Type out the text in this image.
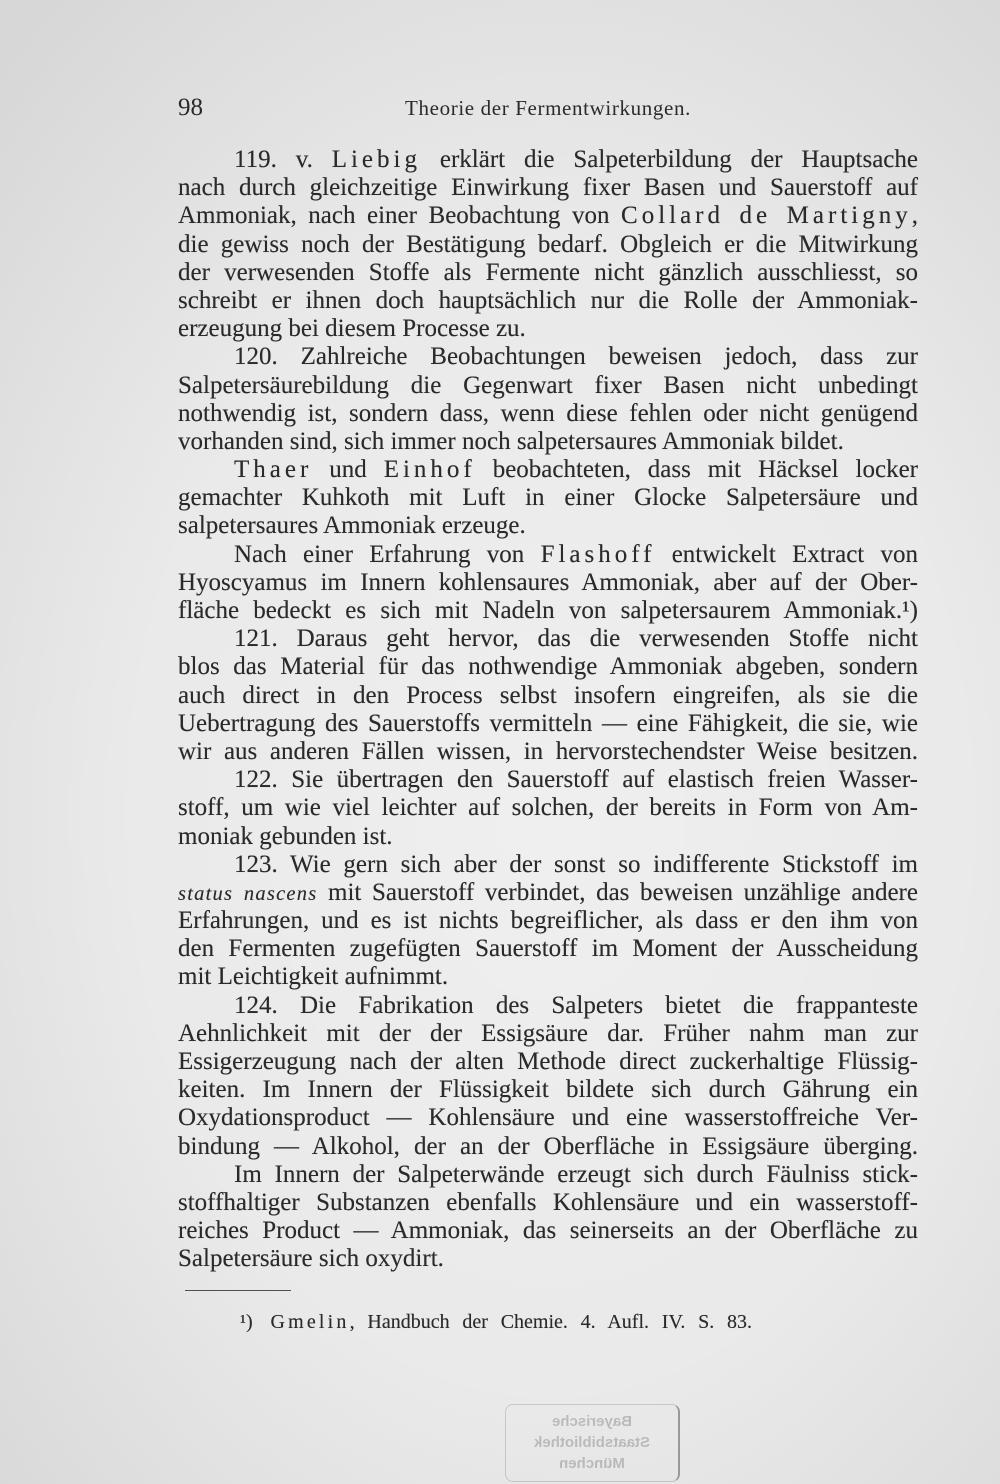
98	Theorie der Fermentwirkungen.
119. v. Liebig erklärt die Salpeterbildung der Hauptsache
nach durch gleichzeitige Einwirkung fixer Basen und Sauerstoff auf
Ammoniak, nach einer Beobachtung von Collard de Martigny,
die gewiss noch der Bestätigung bedarf. Obgleich er die Mitwirkung
der verwesenden Stoffe als Fermente nicht gänzlich ausschliesst, so
schreibt er ihnen doch hauptsächlich nur die Rolle der Ammoniak-
erzeugung bei diesem Processe zu.
120. Zahlreiche Beobachtungen beweisen jedoch, dass zur
Salpetersäurebildung die Gegenwart fixer Basen nicht unbedingt
nothwendig ist, sondern dass, wenn diese fehlen oder nicht genügend
vorhanden sind, sich immer noch salpetersaures Ammoniak bildet.
Thaer und Einhof beobachteten, dass mit Häcksel locker
gemachter Kuhkoth mit Luft in einer Glocke Salpetersäure und
salpetersaures Ammoniak erzeuge.
Nach einer Erfahrung von Flashoff entwickelt Extract von
Hyoscyamus im Innern kohlensaures Ammoniak, aber auf der Ober-
fläche bedeckt es sich mit Nadeln von salpetersaurem Ammoniak.¹)
121. Daraus geht hervor, das die verwesenden Stoffe nicht
blos das Material für das nothwendige Ammoniak abgeben, sondern
auch direct in den Process selbst insofern eingreifen, als sie die
Uebertragung des Sauerstoffs vermitteln — eine Fähigkeit, die sie, wie
wir aus anderen Fällen wissen, in hervorstechendster Weise besitzen.
122. Sie übertragen den Sauerstoff auf elastisch freien Wasser-
stoff, um wie viel leichter auf solchen, der bereits in Form von Am-
moniak gebunden ist.
123. Wie gern sich aber der sonst so indifferente Stickstoff im
status nascens mit Sauerstoff verbindet, das beweisen unzählige andere
Erfahrungen, und es ist nichts begreiflicher, als dass er den ihm von
den Fermenten zugefügten Sauerstoff im Moment der Ausscheidung
mit Leichtigkeit aufnimmt.
124. Die Fabrikation des Salpeters bietet die frappanteste
Aehnlichkeit mit der der Essigsäure dar. Früher nahm man zur
Essigerzeugung nach der alten Methode direct zuckerhaltige Flüssig-
keiten. Im Innern der Flüssigkeit bildete sich durch Gährung ein
Oxydationsproduct — Kohlensäure und eine wasserstoffreiche Ver-
bindung — Alkohol, der an der Oberfläche in Essigsäure überging.
Im Innern der Salpeterwände erzeugt sich durch Fäulniss stick-
stoffhaltiger Substanzen ebenfalls Kohlensäure und ein wasserstoff-
reiches Product — Ammoniak, das seinerseits an der Oberfläche zu
Salpetersäure sich oxydirt.
¹) Gmelin, Handbuch der Chemie. 4. Aufl. IV. S. 83.
Bayerische
Staatsbibliothek
München
